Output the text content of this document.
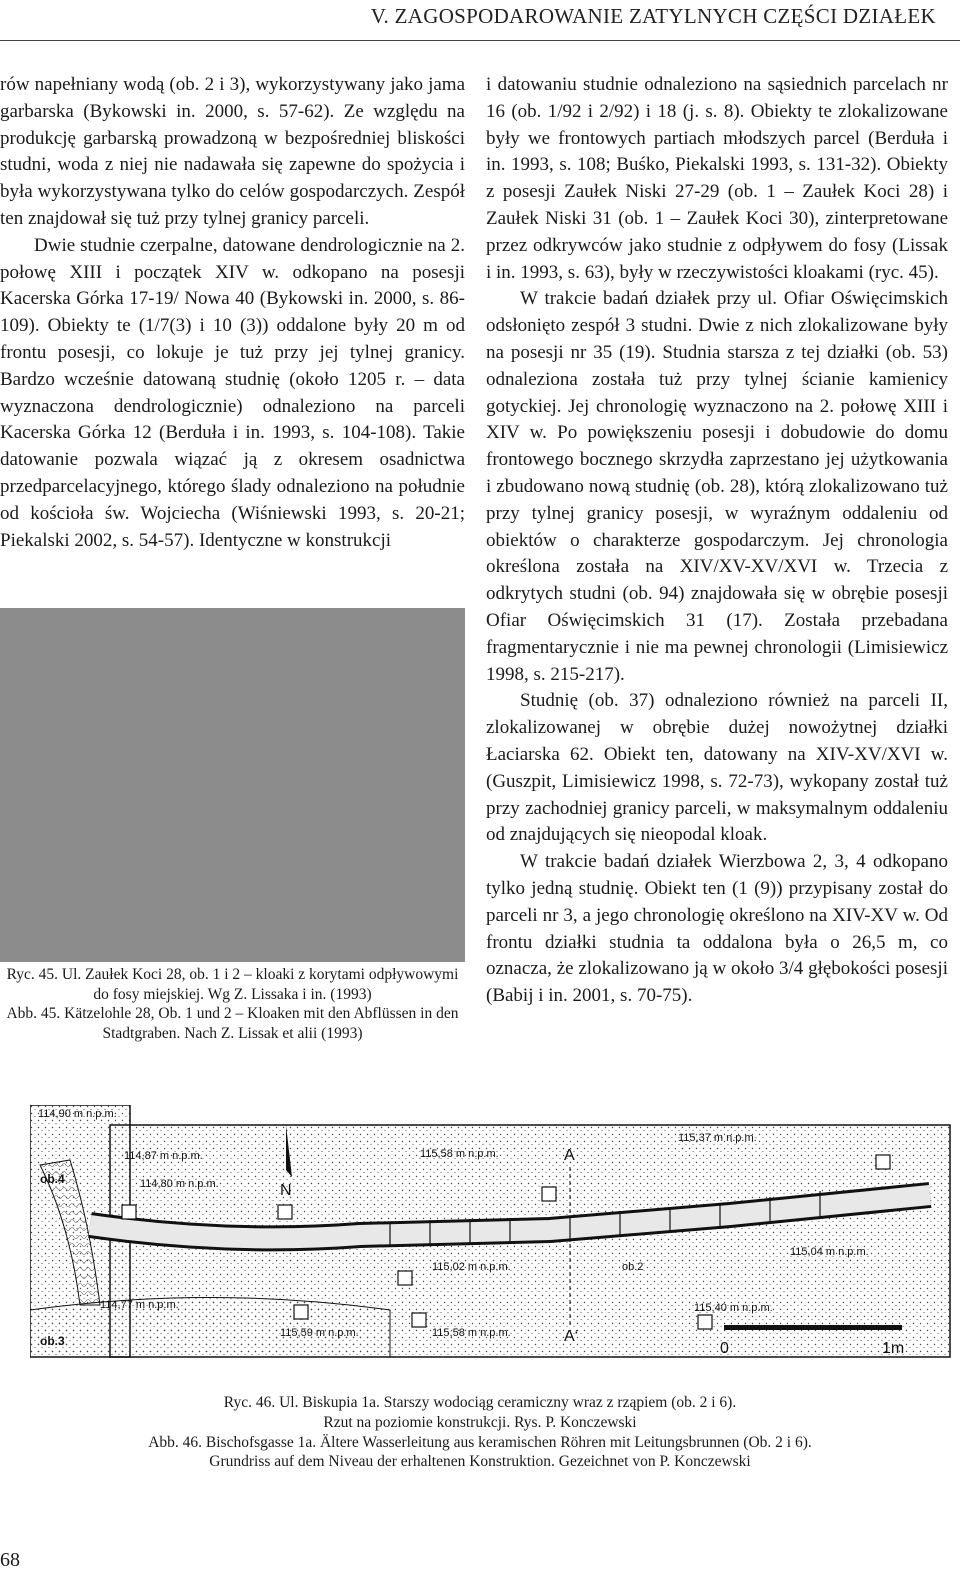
V. ZAGOSPODAROWANIE ZATYLNYCH CZĘŚCI DZIAŁEK

rów napełniany wodą (ob. 2 i 3), wykorzystywany jako jama garbarska (Bykowski in. 2000, s. 57-62). Ze względu na produkcję garbarską prowadzoną w bezpośredniej bliskości studni, woda z niej nie nadawała się zapewne do spożycia i była wykorzystywana tylko do celów gospodarczych. Zespół ten znajdował się tuż przy tylnej granicy parceli.

Dwie studnie czerpalne, datowane dendrologicznie na 2. połowę XIII i początek XIV w. odkopano na posesji Kacerska Górka 17-19/ Nowa 40 (Bykowski in. 2000, s. 86-109). Obiekty te (1/7(3) i 10 (3)) oddalone były 20 m od frontu posesji, co lokuje je tuż przy jej tylnej granicy. Bardzo wcześnie datowaną studnię (około 1205 r. – data wyznaczona dendrologicznie) odnaleziono na parceli Kacerska Górka 12 (Berduła i in. 1993, s. 104-108). Takie datowanie pozwala wiązać ją z okresem osadnictwa przedparcelacyjnego, którego ślady odnaleziono na południe od kościoła św. Wojciecha (Wiśniewski 1993, s. 20-21; Piekalski 2002, s. 54-57). Identyczne w konstrukcji

Ryc. 45. Ul. Zaułek Koci 28, ob. 1 i 2 – kloaki z korytami odpływowymi do fosy miejskiej. Wg Z. Lissaka i in. (1993)
Abb. 45. Kätzelohle 28, Ob. 1 und 2 – Kloaken mit den Abflüssen in den Stadtgraben. Nach Z. Lissak et alii (1993)

i datowaniu studnie odnaleziono na sąsiednich parcelach nr 16 (ob. 1/92 i 2/92) i 18 (j. s. 8). Obiekty te zlokalizowane były we frontowych partiach młodszych parcel (Berduła i in. 1993, s. 108; Buśko, Piekalski 1993, s. 131-32). Obiekty z posesji Zaułek Niski 27-29 (ob. 1 – Zaułek Koci 28) i Zaułek Niski 31 (ob. 1 – Zaułek Koci 30), zinterpretowane przez odkrywców jako studnie z odpływem do fosy (Lissak i in. 1993, s. 63), były w rzeczywistości kloakami (ryc. 45).

W trakcie badań działek przy ul. Ofiar Oświęcimskich odsłonięto zespół 3 studni. Dwie z nich zlokalizowane były na posesji nr 35 (19). Studnia starsza z tej działki (ob. 53) odnaleziona została tuż przy tylnej ścianie kamienicy gotyckiej. Jej chronologię wyznaczono na 2. połowę XIII i XIV w. Po powiększeniu posesji i dobudowie do domu frontowego bocznego skrzydła zaprzestano jej użytkowania i zbudowano nową studnię (ob. 28), którą zlokalizowano tuż przy tylnej granicy posesji, w wyraźnym oddaleniu od obiektów o charakterze gospodarczym. Jej chronologia określona została na XIV/XV-XV/XVI w. Trzecia z odkrytych studni (ob. 94) znajdowała się w obrębie posesji Ofiar Oświęcimskich 31 (17). Została przebadana fragmentarycznie i nie ma pewnej chronologii (Limisiewicz 1998, s. 215-217).

Studnię (ob. 37) odnaleziono również na parceli II, zlokalizowanej w obrębie dużej nowożytnej działki Łaciarska 62. Obiekt ten, datowany na XIV-XV/XVI w. (Guszpit, Limisiewicz 1998, s. 72-73), wykopany został tuż przy zachodniej granicy parceli, w maksymalnym oddaleniu od znajdujących się nieopodal kloak.

W trakcie badań działek Wierzbowa 2, 3, 4 odkopano tylko jedną studnię. Obiekt ten (1 (9)) przypisany został do parceli nr 3, a jego chronologię określono na XIV-XV w. Od frontu działki studnia ta oddalona była o 26,5 m, co oznacza, że zlokalizowano ją w około 3/4 głębokości posesji (Babij i in. 2001, s. 70-75).

N
A
A‘
114,90 m n.p.m.
114,87 m n.p.m.
114,80 m n.p.m.
115,58 m n.p.m.
115,37 m n.p.m.
115,04 m n.p.m.
115,02 m n.p.m.
114,77 m n.p.m.
115,59 m n.p.m.	115,58 m n.p.m.
115,40 m n.p.m.
ob.4
ob.3
ob.2
0	1m
Ryc. 46. Ul. Biskupia 1a. Starszy wodociąg ceramiczny wraz z rząpiem (ob. 2 i 6).
Rzut na poziomie konstrukcji. Rys. P. Konczewski
Abb. 46. Bischofsgasse 1a. Ältere Wasserleitung aus keramischen Röhren mit Leitungsbrunnen (Ob. 2 i 6).
Grundriss auf dem Niveau der erhaltenen Konstruktion. Gezeichnet von P. Konczewski
68
